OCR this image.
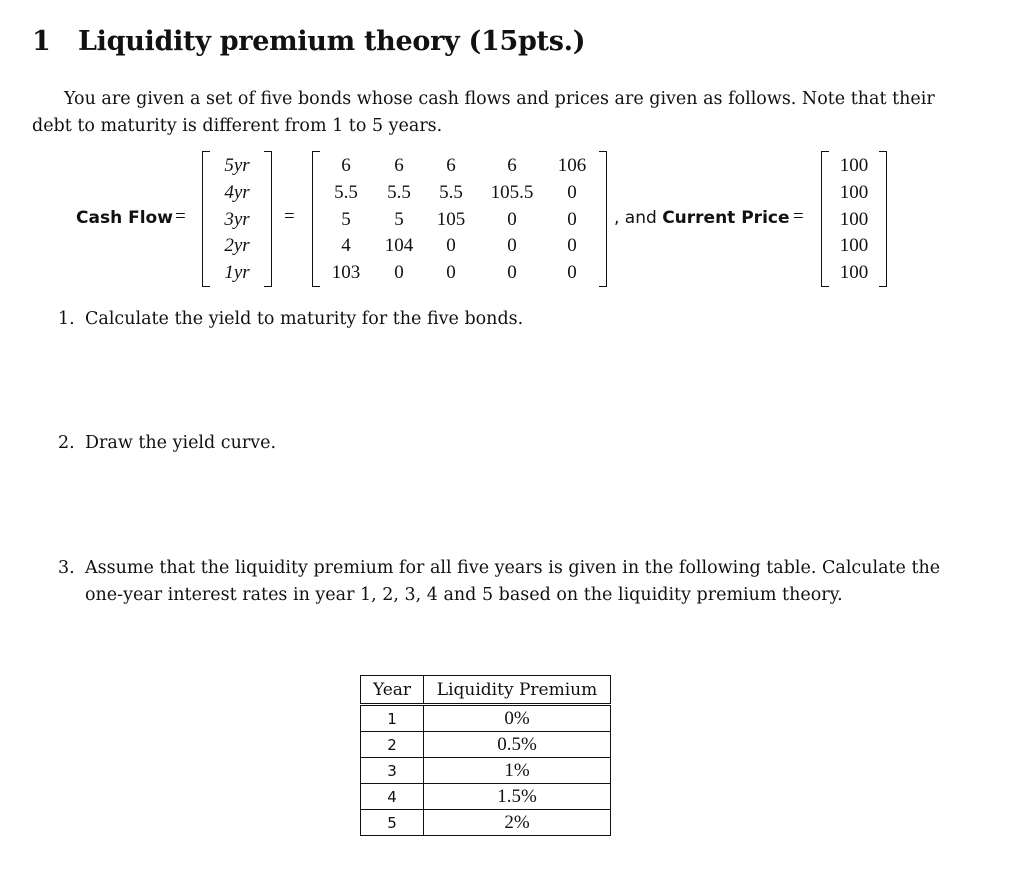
1 Liquidity premium theory (15pts.)
You are given a set of five bonds whose cash flows and prices are given as follows. Note that their debt to maturity is different from 1 to 5 years.
Cash Flow =
5yr
4yr
3yr
2yr
1yr
=
6	6	6	6	106
5.5	5.5	5.5	105.5	0
5	5	105	0	0
4	104	0	0	0
103	0	0	0	0
, and Current Price =
100
100
100
100
100
1. Calculate the yield to maturity for the five bonds.
2. Draw the yield curve.
3. Assume that the liquidity premium for all five years is given in the following table. Calculate the one-year interest rates in year 1, 2, 3, 4 and 5 based on the liquidity premium theory.
Year	Liquidity Premium
1	0%
2	0.5%
3	1%
4	1.5%
5	2%
